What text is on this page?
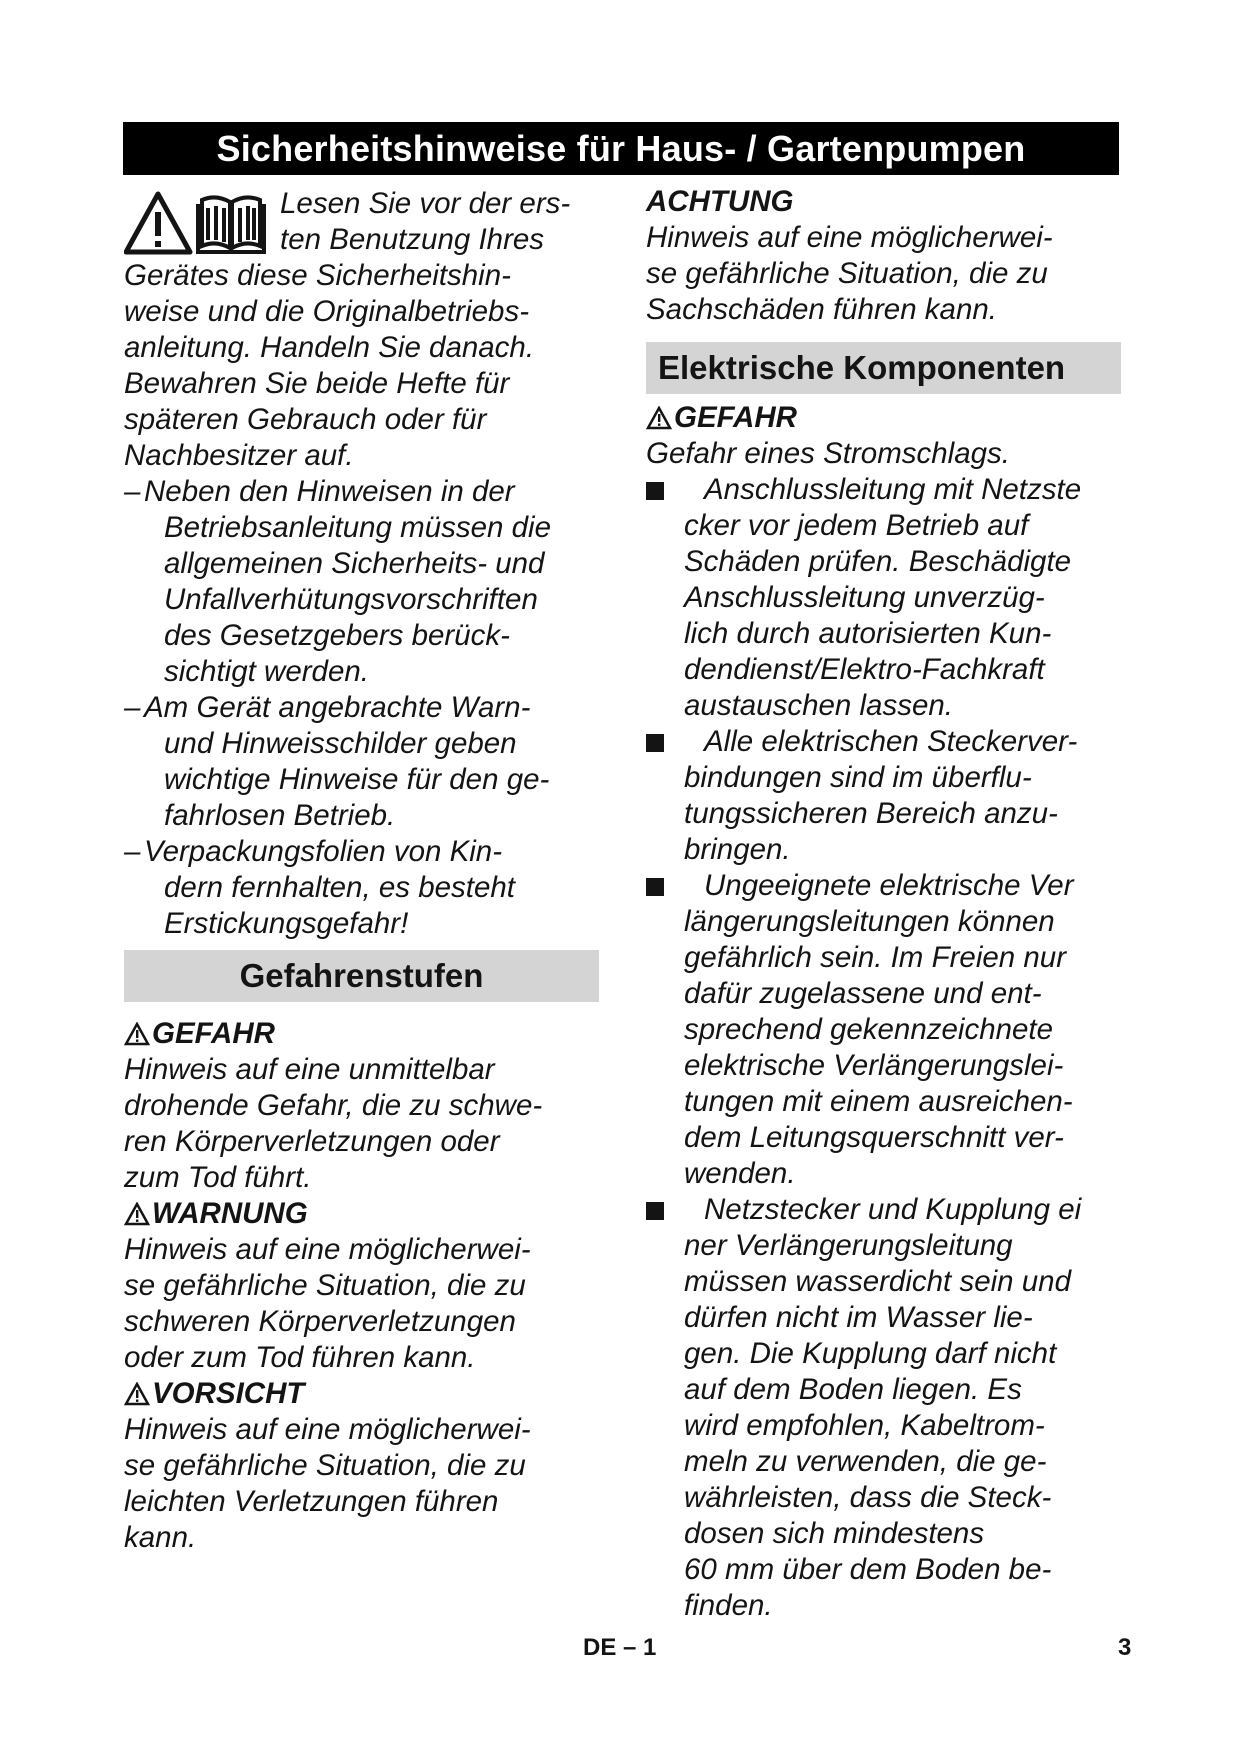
Sicherheitshinweise für Haus- / Gartenpumpen
Lesen Sie vor der ers-
ten Benutzung Ihres
Gerätes diese Sicherheitshin-
weise und die Originalbetriebs-
anleitung. Handeln Sie danach.
Bewahren Sie beide Hefte für
späteren Gebrauch oder für
Nachbesitzer auf.
– Neben den Hinweisen in der
Betriebsanleitung müssen die
allgemeinen Sicherheits- und
Unfallverhütungsvorschriften
des Gesetzgebers berück-
sichtigt werden.
– Am Gerät angebrachte Warn-
und Hinweisschilder geben
wichtige Hinweise für den ge-
fahrlosen Betrieb.
– Verpackungsfolien von Kin-
dern fernhalten, es besteht
Erstickungsgefahr!
Gefahrenstufen
GEFAHR
Hinweis auf eine unmittelbar
drohende Gefahr, die zu schwe-
ren Körperverletzungen oder
zum Tod führt.
WARNUNG
Hinweis auf eine möglicherwei-
se gefährliche Situation, die zu
schweren Körperverletzungen
oder zum Tod führen kann.
VORSICHT
Hinweis auf eine möglicherwei-
se gefährliche Situation, die zu
leichten Verletzungen führen
kann.
ACHTUNG
Hinweis auf eine möglicherwei-
se gefährliche Situation, die zu
Sachschäden führen kann.
Elektrische Komponenten
GEFAHR
Gefahr eines Stromschlags.
Anschlussleitung mit Netzste
cker vor jedem Betrieb auf
Schäden prüfen. Beschädigte
Anschlussleitung unverzüg-
lich durch autorisierten Kun-
dendienst/Elektro-Fachkraft
austauschen lassen.
Alle elektrischen Steckerver-
bindungen sind im überflu-
tungssicheren Bereich anzu-
bringen.
Ungeeignete elektrische Ver
längerungsleitungen können
gefährlich sein. Im Freien nur
dafür zugelassene und ent-
sprechend gekennzeichnete
elektrische Verlängerungslei-
tungen mit einem ausreichen-
dem Leitungsquerschnitt ver-
wenden.
Netzstecker und Kupplung ei
ner Verlängerungsleitung
müssen wasserdicht sein und
dürfen nicht im Wasser lie-
gen. Die Kupplung darf nicht
auf dem Boden liegen. Es
wird empfohlen, Kabeltrom-
meln zu verwenden, die ge-
währleisten, dass die Steck-
dosen sich mindestens
60 mm über dem Boden be-
finden.
DE – 1	3
